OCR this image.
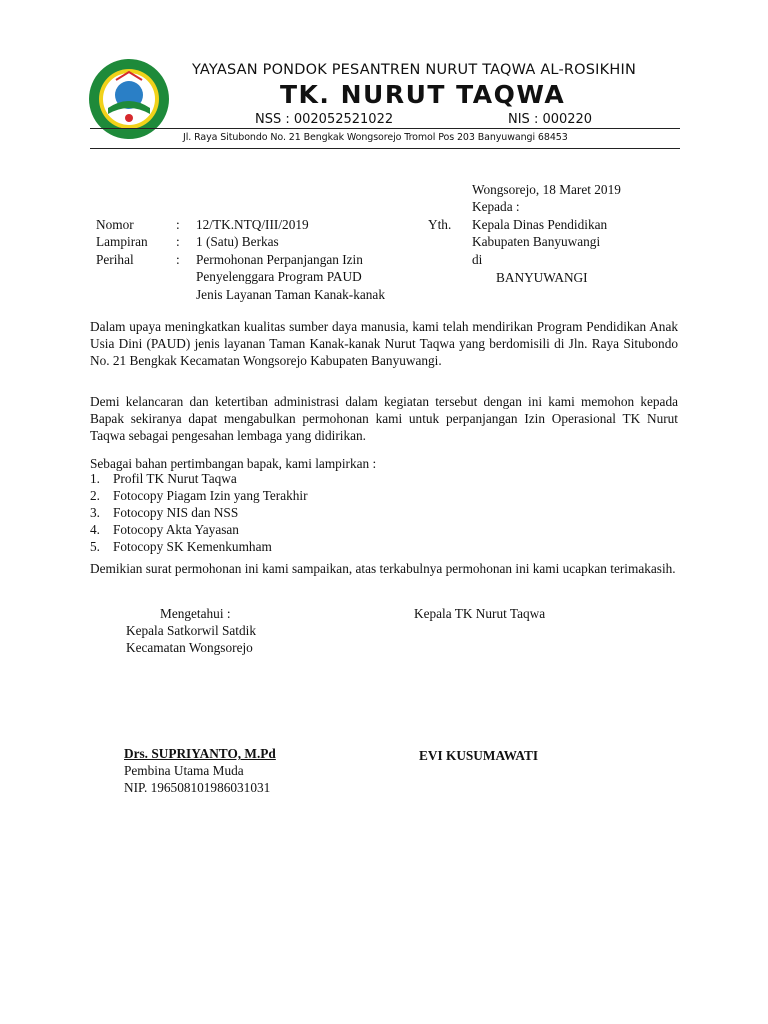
YAYASAN PONDOK PESANTREN NURUT TAQWA AL-ROSIKHIN
TK. NURUT TAQWA
NSS : 002052521022	NIS : 000220
Jl. Raya Situbondo No. 21 Bengkak Wongsorejo Tromol Pos 203 Banyuwangi 68453
Wongsorejo, 18 Maret 2019
Kepada :
Yth. Kepala Dinas Pendidikan
Kabupaten Banyuwangi
di
BANYUWANGI
Nomor	: 12/TK.NTQ/III/2019
Lampiran : 1 (Satu) Berkas
Perihal	: Permohonan Perpanjangan Izin
Penyelenggara Program PAUD
Jenis Layanan Taman Kanak-kanak
Dalam upaya meningkatkan kualitas sumber daya manusia, kami telah mendirikan Program Pendidikan Anak Usia Dini (PAUD) jenis layanan Taman Kanak-kanak Nurut Taqwa yang berdomisili di Jln. Raya Situbondo No. 21 Bengkak Kecamatan Wongsorejo Kabupaten Banyuwangi.
Demi kelancaran dan ketertiban administrasi dalam kegiatan tersebut dengan ini kami memohon kepada Bapak sekiranya dapat mengabulkan permohonan kami untuk perpanjangan Izin Operasional TK Nurut Taqwa sebagai pengesahan lembaga yang didirikan.
Sebagai bahan pertimbangan bapak, kami lampirkan :
1. Profil TK Nurut Taqwa
2. Fotocopy Piagam Izin yang Terakhir
3. Fotocopy NIS dan NSS
4. Fotocopy Akta Yayasan
5. Fotocopy SK Kemenkumham
Demikian surat permohonan ini kami sampaikan, atas terkabulnya permohonan ini kami ucapkan terimakasih.
Mengetahui :
Kepala Satkorwil Satdik
Kecamatan Wongsorejo
Kepala TK Nurut Taqwa
Drs. SUPRIYANTO, M.Pd
Pembina Utama Muda
NIP. 196508101986031031
EVI KUSUMAWATI
